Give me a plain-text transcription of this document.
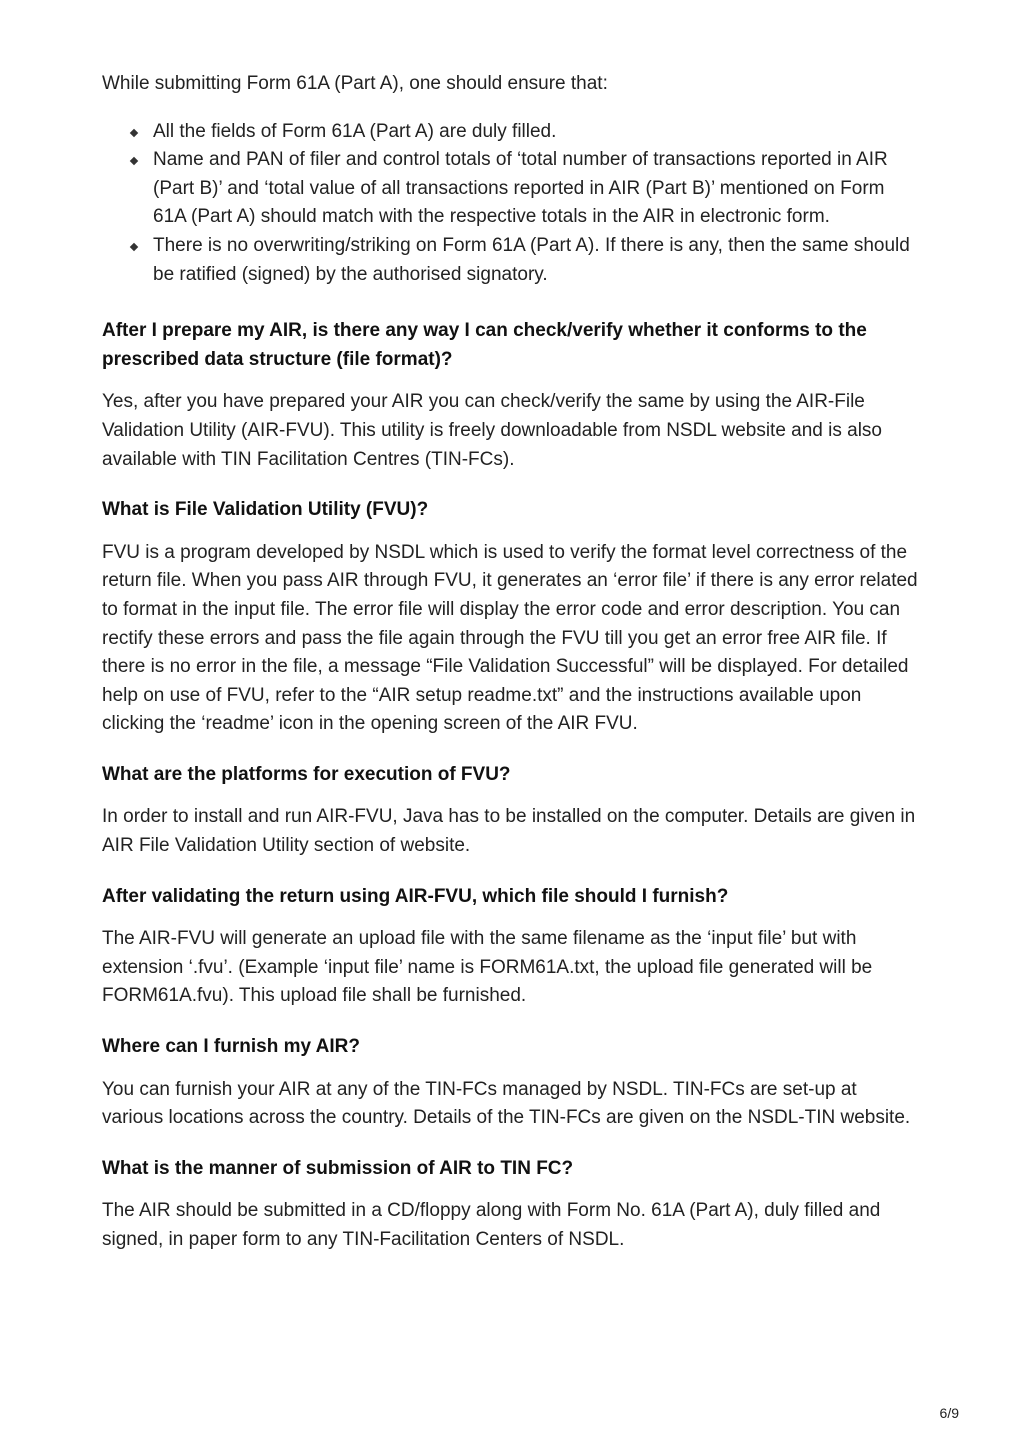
While submitting Form 61A (Part A), one should ensure that:

All the fields of Form 61A (Part A) are duly filled.
Name and PAN of filer and control totals of ‘total number of transactions reported in AIR (Part B)’ and ‘total value of all transactions reported in AIR (Part B)’ mentioned on Form 61A (Part A) should match with the respective totals in the AIR in electronic form.
There is no overwriting/striking on Form 61A (Part A). If there is any, then the same should be ratified (signed) by the authorised signatory.
After I prepare my AIR, is there any way I can check/verify whether it conforms to the prescribed data structure (file format)?

Yes, after you have prepared your AIR you can check/verify the same by using the AIR-File Validation Utility (AIR-FVU). This utility is freely downloadable from NSDL website and is also available with TIN Facilitation Centres (TIN-FCs).

What is File Validation Utility (FVU)?

FVU is a program developed by NSDL which is used to verify the format level correctness of the return file. When you pass AIR through FVU, it generates an ‘error file’ if there is any error related to format in the input file. The error file will display the error code and error description. You can rectify these errors and pass the file again through the FVU till you get an error free AIR file. If there is no error in the file, a message “File Validation Successful” will be displayed. For detailed help on use of FVU, refer to the “AIR setup readme.txt” and the instructions available upon clicking the ‘readme’ icon in the opening screen of the AIR FVU.

What are the platforms for execution of FVU?

In order to install and run AIR-FVU, Java has to be installed on the computer. Details are given in AIR File Validation Utility section of website.

After validating the return using AIR-FVU, which file should I furnish?

The AIR-FVU will generate an upload file with the same filename as the ‘input file’ but with extension ‘.fvu’. (Example ‘input file’ name is FORM61A.txt, the upload file generated will be FORM61A.fvu). This upload file shall be furnished.

Where can I furnish my AIR?

You can furnish your AIR at any of the TIN-FCs managed by NSDL. TIN-FCs are set-up at various locations across the country. Details of the TIN-FCs are given on the NSDL-TIN website.

What is the manner of submission of AIR to TIN FC?

The AIR should be submitted in a CD/floppy along with Form No. 61A (Part A), duly filled and signed, in paper form to any TIN-Facilitation Centers of NSDL.

6/9
